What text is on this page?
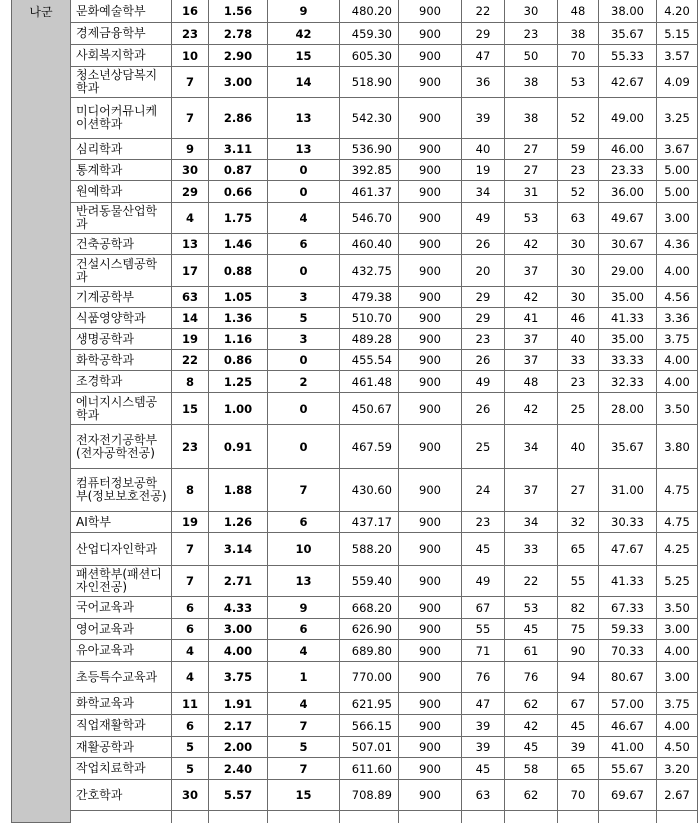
나군	문화예술학부	16	1.56	9	480.20	900	22	30	48	38.00	4.20
	경제금융학부	23	2.78	42	459.30	900	29	23	38	35.67	5.15
	사회복지학과	10	2.90	15	605.30	900	47	50	70	55.33	3.57
	청소년상담복지학과	7	3.00	14	518.90	900	36	38	53	42.67	4.09
	미디어커뮤니케이션학과	7	2.86	13	542.30	900	39	38	52	49.00	3.25
	심리학과	9	3.11	13	536.90	900	40	27	59	46.00	3.67
	통계학과	30	0.87	0	392.85	900	19	27	23	23.33	5.00
	원예학과	29	0.66	0	461.37	900	34	31	52	36.00	5.00
	반려동물산업학과	4	1.75	4	546.70	900	49	53	63	49.67	3.00
	건축공학과	13	1.46	6	460.40	900	26	42	30	30.67	4.36
	건설시스템공학과	17	0.88	0	432.75	900	20	37	30	29.00	4.00
	기계공학부	63	1.05	3	479.38	900	29	42	30	35.00	4.56
	식품영양학과	14	1.36	5	510.70	900	29	41	46	41.33	3.36
	생명공학과	19	1.16	3	489.28	900	23	37	40	35.00	3.75
	화학공학과	22	0.86	0	455.54	900	26	37	33	33.33	4.00
	조경학과	8	1.25	2	461.48	900	49	48	23	32.33	4.00
	에너지시스템공학과	15	1.00	0	450.67	900	26	42	25	28.00	3.50
	전자전기공학부(전자공학전공)	23	0.91	0	467.59	900	25	34	40	35.67	3.80
	컴퓨터정보공학부(정보보호전공)	8	1.88	7	430.60	900	24	37	27	31.00	4.75
	AI학부	19	1.26	6	437.17	900	23	34	32	30.33	4.75
	산업디자인학과	7	3.14	10	588.20	900	45	33	65	47.67	4.25
	패션학부(패션디자인전공)	7	2.71	13	559.40	900	49	22	55	41.33	5.25
	국어교육과	6	4.33	9	668.20	900	67	53	82	67.33	3.50
	영어교육과	6	3.00	6	626.90	900	55	45	75	59.33	3.00
	유아교육과	4	4.00	4	689.80	900	71	61	90	70.33	4.00
	초등특수교육과	4	3.75	1	770.00	900	76	76	94	80.67	3.00
	화학교육과	11	1.91	4	621.95	900	47	62	67	57.00	3.75
	직업재활학과	6	2.17	7	566.15	900	39	42	45	46.67	4.00
	재활공학과	5	2.00	5	507.01	900	39	45	39	41.00	4.50
	작업치료학과	5	2.40	7	611.60	900	45	58	65	55.67	3.20
	간호학과	30	5.57	15	708.89	900	63	62	70	69.67	2.67
